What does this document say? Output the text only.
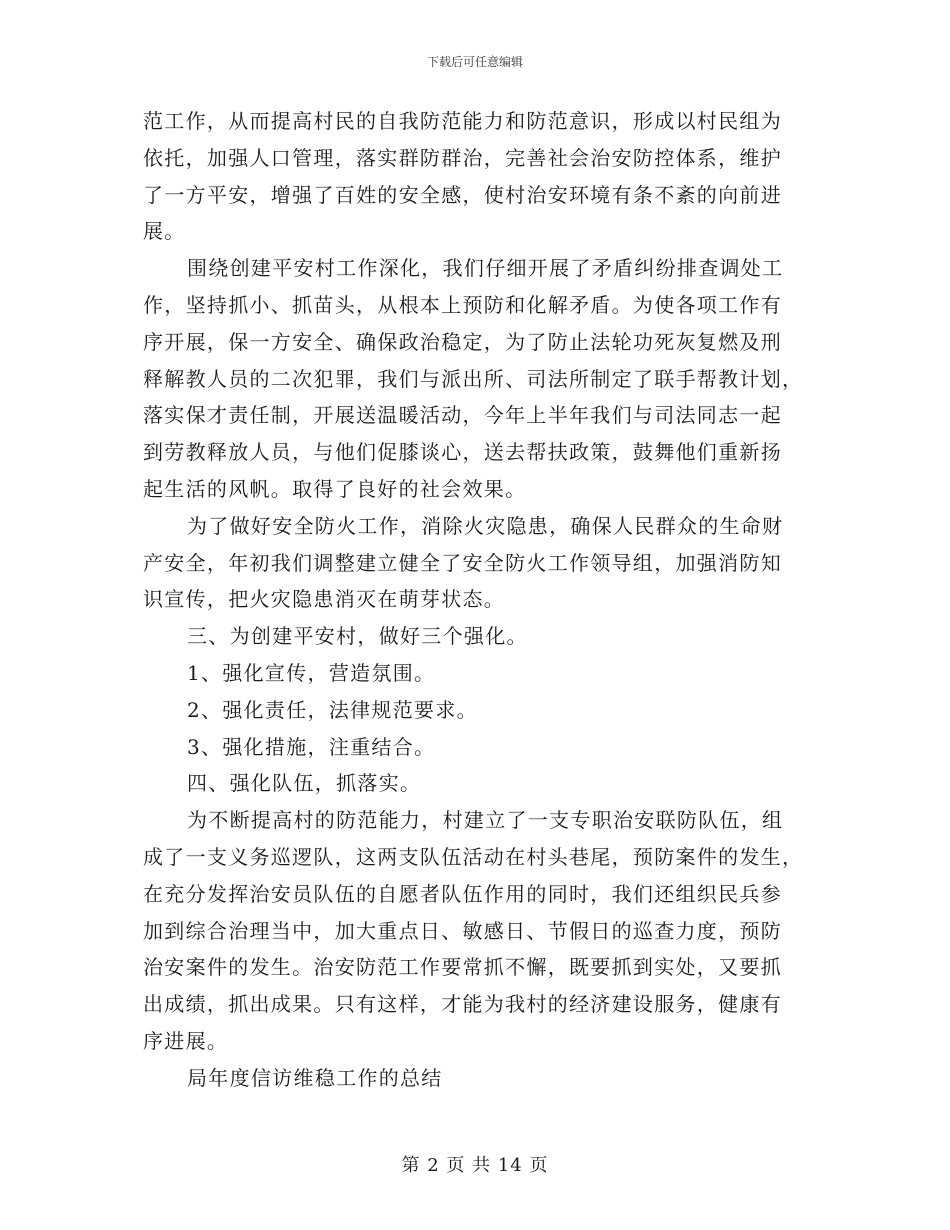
下载后可任意编辑
范工作，从而提高村民的自我防范能力和防范意识，形成以村民组为
依托，加强人口管理，落实群防群治，完善社会治安防控体系，维护
了一方平安，增强了百姓的安全感，使村治安环境有条不紊的向前进
展。
围绕创建平安村工作深化，我们仔细开展了矛盾纠纷排查调处工
作，坚持抓小、抓苗头，从根本上预防和化解矛盾。为使各项工作有
序开展，保一方安全、确保政治稳定，为了防止法轮功死灰复燃及刑
释解教人员的二次犯罪，我们与派出所、司法所制定了联手帮教计划，
落实保才责任制，开展送温暖活动，今年上半年我们与司法同志一起
到劳教释放人员，与他们促膝谈心，送去帮扶政策，鼓舞他们重新扬
起生活的风帆。取得了良好的社会效果。
为了做好安全防火工作，消除火灾隐患，确保人民群众的生命财
产安全，年初我们调整建立健全了安全防火工作领导组，加强消防知
识宣传，把火灾隐患消灭在萌芽状态。
三、为创建平安村，做好三个强化。
1、强化宣传，营造氛围。
2、强化责任，法律规范要求。
3、强化措施，注重结合。
四、强化队伍，抓落实。
为不断提高村的防范能力，村建立了一支专职治安联防队伍，组
成了一支义务巡逻队，这两支队伍活动在村头巷尾，预防案件的发生，
在充分发挥治安员队伍的自愿者队伍作用的同时，我们还组织民兵参
加到综合治理当中，加大重点日、敏感日、节假日的巡查力度，预防
治安案件的发生。治安防范工作要常抓不懈，既要抓到实处，又要抓
出成绩，抓出成果。只有这样，才能为我村的经济建设服务，健康有
序进展。
局年度信访维稳工作的总结
第 2 页 共 14 页
